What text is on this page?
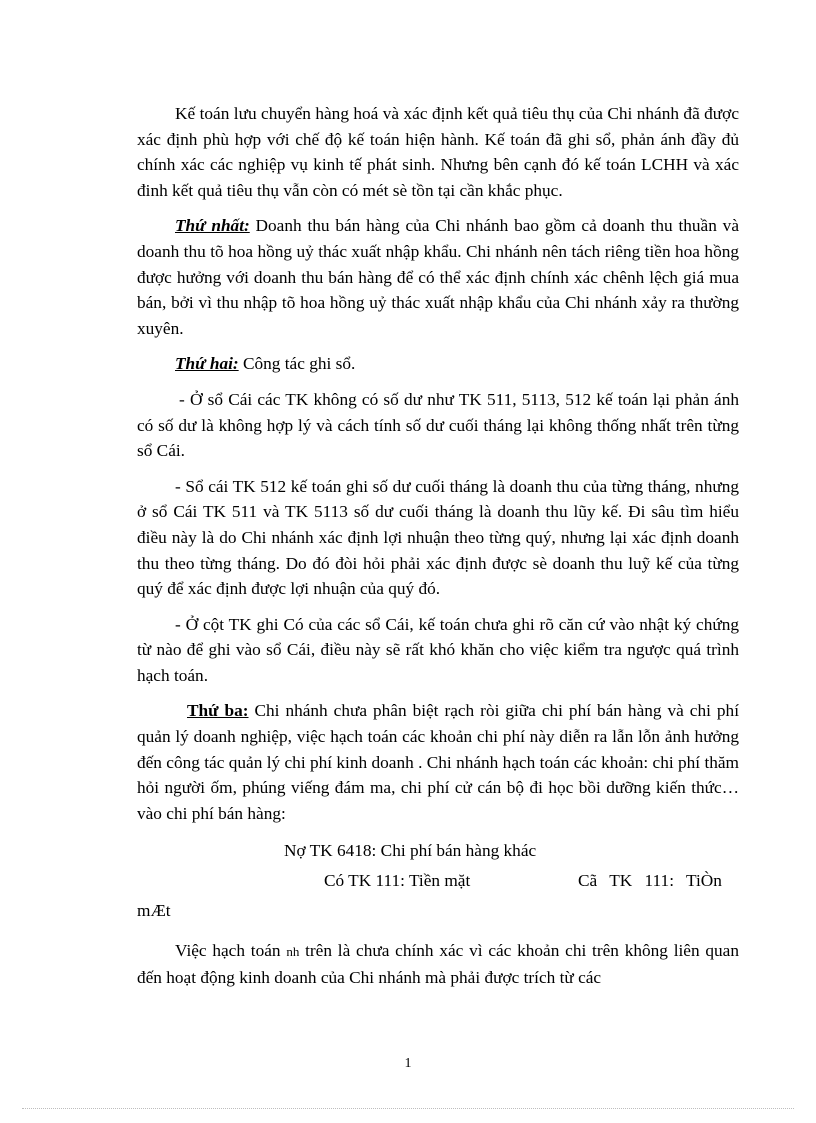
Kế toán lưu chuyển hàng hoá và xác định kết quả tiêu thụ của Chi nhánh đã được xác định phù hợp với chế độ kế toán hiện hành. Kế toán đã ghi sổ, phản ánh đầy đủ chính xác các nghiệp vụ kinh tế phát sinh. Nhưng bên cạnh đó kế toán LCHH và xác đinh kết quả tiêu thụ vẫn còn có mét sè tồn tại cần khắc phục.

Thứ nhất: Doanh thu bán hàng của Chi nhánh bao gồm cả doanh thu thuần và doanh thu tõ hoa hồng uỷ thác xuất nhập khẩu. Chi nhánh nên tách riêng tiền hoa hồng được hưởng với doanh thu bán hàng để có thể xác định chính xác chênh lệch giá mua bán, bởi vì thu nhập tõ hoa hồng uỷ thác xuất nhập khẩu của Chi nhánh xảy ra thường xuyên.

Thứ hai: Công tác ghi sổ.

- Ở sổ Cái các TK không có số dư như TK 511, 5113, 512 kế toán lại phản ánh có số dư là không hợp lý và cách tính số dư cuối tháng lại không thống nhất trên từng sổ Cái.

- Sổ cái TK 512 kế toán ghi số dư cuối tháng là doanh thu của từng tháng, nhưng ở sổ Cái TK 511 và TK 5113 số dư cuối tháng là doanh thu lũy kế. Đi sâu tìm hiểu điều này là do Chi nhánh xác định lợi nhuận theo từng quý, nhưng lại xác định doanh thu theo từng tháng. Do đó đòi hỏi phải xác định được sè doanh thu luỹ kế của từng quý để xác định được lợi nhuận của quý đó.

- Ở cột TK ghi Có của các sổ Cái, kế toán chưa ghi rõ căn cứ vào nhật ký chứng từ nào để ghi vào sổ Cái, điều này sẽ rất khó khăn cho việc kiểm tra ngược quá trình hạch toán.

Thứ ba: Chi nhánh chưa phân biệt rạch ròi giữa chi phí bán hàng và chi phí quản lý doanh nghiệp, việc hạch toán các khoản chi phí này diễn ra lẫn lỗn ảnh hưởng đến công tác quản lý chi phí kinh doanh . Chi nhánh hạch toán các khoản: chi phí thăm hỏi người ốm, phúng viếng đám ma, chi phí cử cán bộ đi học bồi dưỡng kiến thức… vào chi phí bán hàng:

Nợ TK 6418: Chi phí bán hàng khác

Có TK 111: Tiền mặt	Cã TK 111: TiÒn

mÆt

Việc hạch toán nh trên là chưa chính xác vì các khoản chi trên không liên quan đến hoạt động kinh doanh của Chi nhánh mà phải được trích từ các

1
